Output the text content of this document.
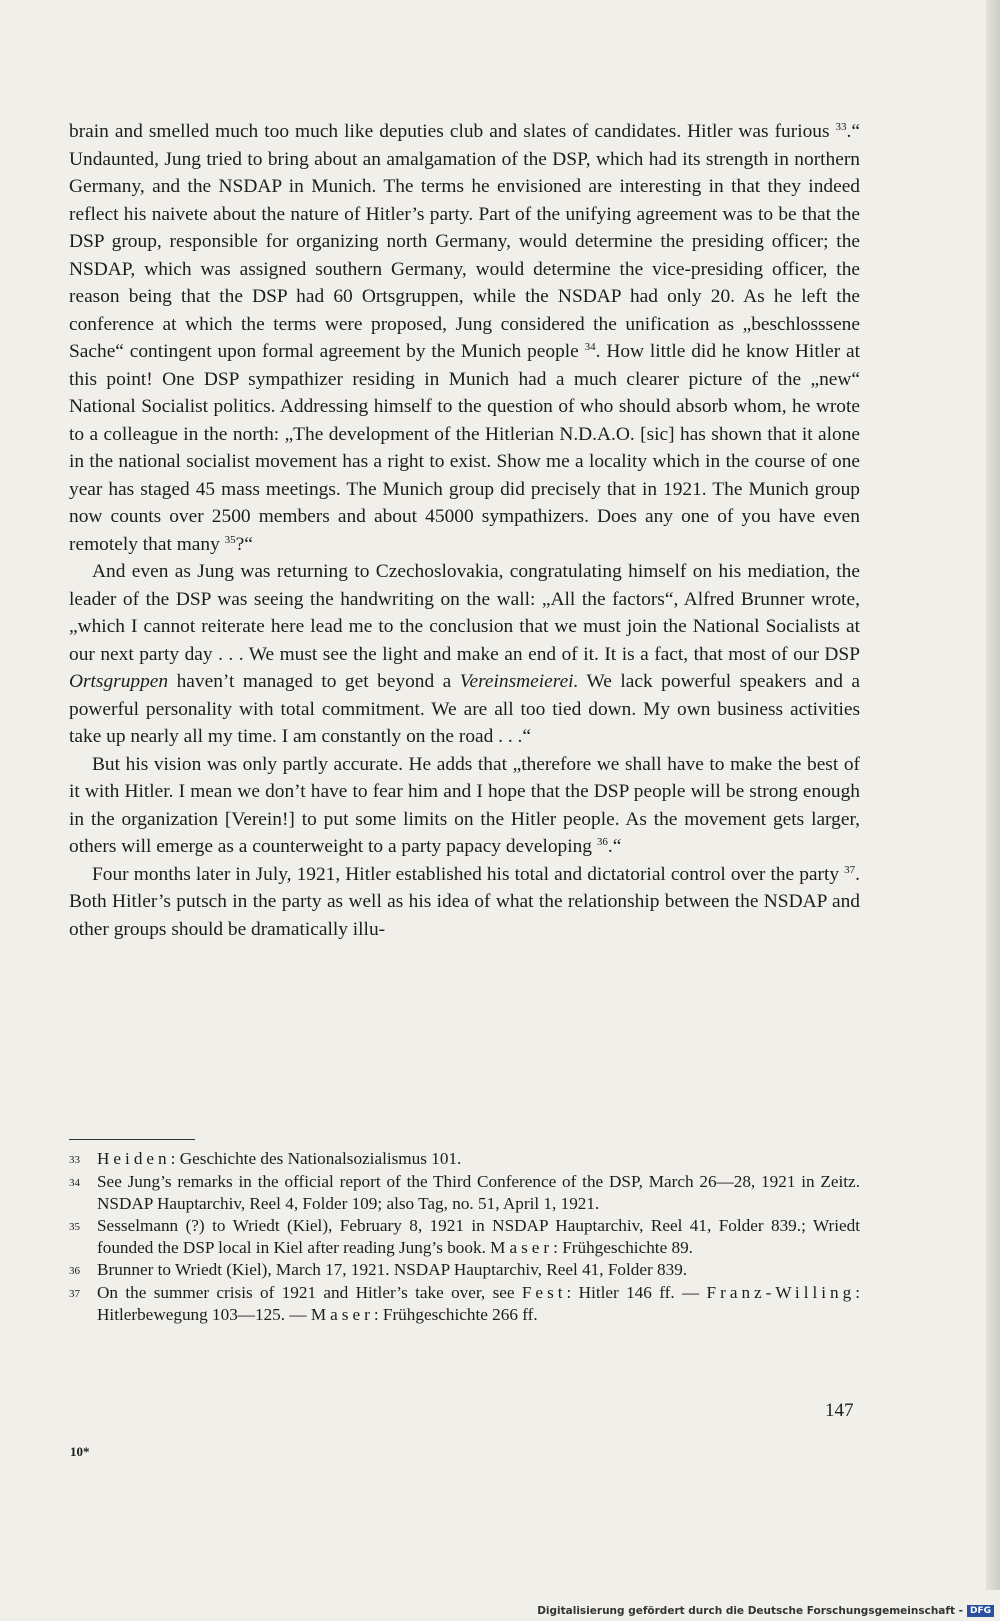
brain and smelled much too much like deputies club and slates of candidates. Hitler was furious $^{33}$.“ Undaunted, Jung tried to bring about an amalgamation of the DSP, which had its strength in northern Germany, and the NSDAP in Munich. The terms he envisioned are interesting in that they indeed reflect his naivete about the nature of Hitler’s party. Part of the unifying agreement was to be that the DSP group, responsible for organizing north Germany, would determine the presiding officer; the NSDAP, which was assigned southern Germany, would determine the vice-presiding officer, the reason being that the DSP had 60 Ortsgruppen, while the NSDAP had only 20. As he left the conference at which the terms were proposed, Jung considered the unification as „beschlosssene Sache“ contingent upon formal agreement by the Munich people $^{34}$. How little did he know Hitler at this point! One DSP sympathizer residing in Munich had a much clearer picture of the „new“ National Socialist politics. Addressing himself to the question of who should absorb whom, he wrote to a colleague in the north: „The development of the Hitlerian N.D.A.O. [sic] has shown that it alone in the national socialist movement has a right to exist. Show me a locality which in the course of one year has staged 45 mass meetings. The Munich group did precisely that in 1921. The Munich group now counts over 2500 members and about 45000 sympathizers. Does any one of you have even remotely that many $^{35}$?“

And even as Jung was returning to Czechoslovakia, congratulating himself on his mediation, the leader of the DSP was seeing the handwriting on the wall: „All the factors“, Alfred Brunner wrote, „which I cannot reiterate here lead me to the conclusion that we must join the National Socialists at our next party day . . . We must see the light and make an end of it. It is a fact, that most of our DSP Ortsgruppen haven’t managed to get beyond a Vereinsmeierei. We lack powerful speakers and a powerful personality with total commitment. We are all too tied down. My own business activities take up nearly all my time. I am constantly on the road . . .“

But his vision was only partly accurate. He adds that „therefore we shall have to make the best of it with Hitler. I mean we don’t have to fear him and I hope that the DSP people will be strong enough in the organization [Verein!] to put some limits on the Hitler people. As the movement gets larger, others will emerge as a counterweight to a party papacy developing $^{36}$.“

Four months later in July, 1921, Hitler established his total and dictatorial control over the party $^{37}$. Both Hitler’s putsch in the party as well as his idea of what the relationship between the NSDAP and other groups should be dramatically illu-

33 Heiden: Geschichte des Nationalsozialismus 101.
34 See Jung’s remarks in the official report of the Third Conference of the DSP, March 26—28, 1921 in Zeitz. NSDAP Hauptarchiv, Reel 4, Folder 109; also Tag, no. 51, April 1, 1921.
35 Sesselmann (?) to Wriedt (Kiel), February 8, 1921 in NSDAP Hauptarchiv, Reel 41, Folder 839.; Wriedt founded the DSP local in Kiel after reading Jung’s book. Maser: Frühgeschichte 89.
36 Brunner to Wriedt (Kiel), March 17, 1921. NSDAP Hauptarchiv, Reel 41, Folder 839.
37 On the summer crisis of 1921 and Hitler’s take over, see Fest: Hitler 146 ff. — Franz-Willing: Hitlerbewegung 103—125. — Maser: Frühgeschichte 266 ff.
147
10*
Digitalisierung gefördert durch die Deutsche Forschungsgemeinschaft - DFG
